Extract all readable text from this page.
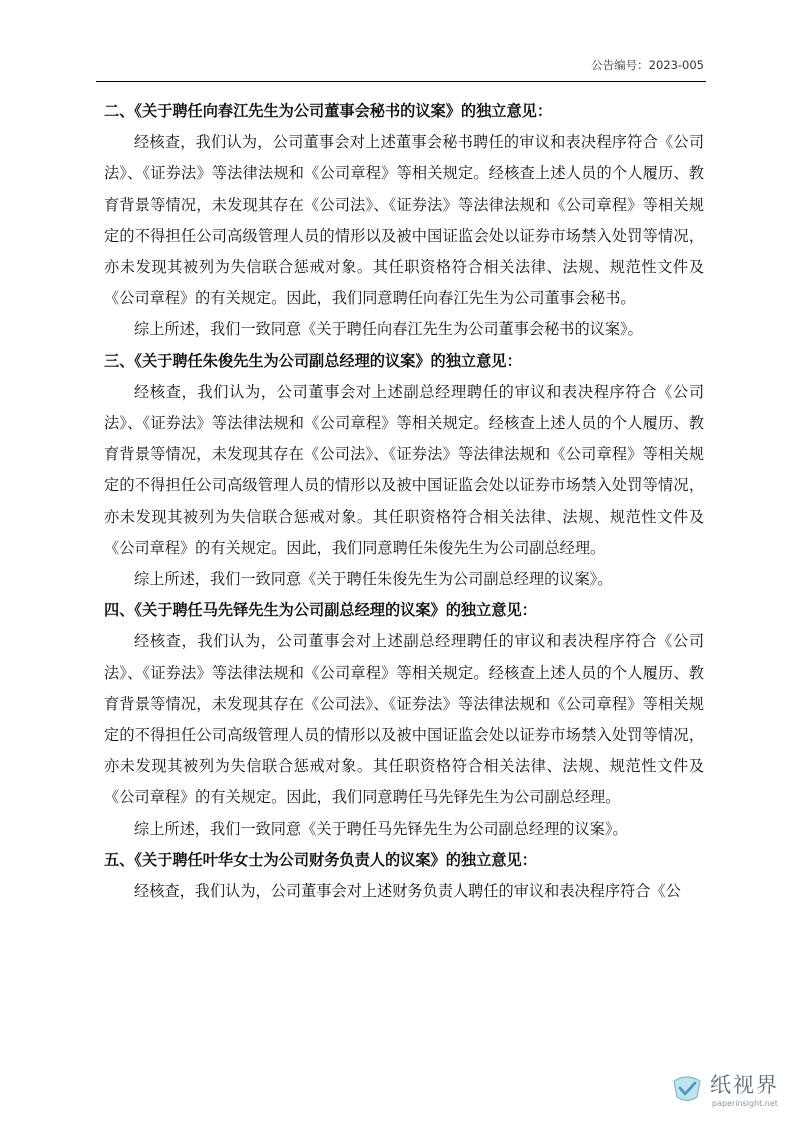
公告编号：2023-005

二、《关于聘任向春江先生为公司董事会秘书的议案》的独立意见：

经核查，我们认为，公司董事会对上述董事会秘书聘任的审议和表决程序符合《公司法》、《证券法》等法律法规和《公司章程》等相关规定。经核查上述人员的个人履历、教育背景等情况，未发现其存在《公司法》、《证券法》等法律法规和《公司章程》等相关规定的不得担任公司高级管理人员的情形以及被中国证监会处以证券市场禁入处罚等情况，亦未发现其被列为失信联合惩戒对象。其任职资格符合相关法律、法规、规范性文件及《公司章程》的有关规定。因此，我们同意聘任向春江先生为公司董事会秘书。

综上所述，我们一致同意《关于聘任向春江先生为公司董事会秘书的议案》。

三、《关于聘任朱俊先生为公司副总经理的议案》的独立意见：

经核查，我们认为，公司董事会对上述副总经理聘任的审议和表决程序符合《公司法》、《证券法》等法律法规和《公司章程》等相关规定。经核查上述人员的个人履历、教育背景等情况，未发现其存在《公司法》、《证券法》等法律法规和《公司章程》等相关规定的不得担任公司高级管理人员的情形以及被中国证监会处以证券市场禁入处罚等情况，亦未发现其被列为失信联合惩戒对象。其任职资格符合相关法律、法规、规范性文件及《公司章程》的有关规定。因此，我们同意聘任朱俊先生为公司副总经理。

综上所述，我们一致同意《关于聘任朱俊先生为公司副总经理的议案》。

四、《关于聘任马先铎先生为公司副总经理的议案》的独立意见：

经核查，我们认为，公司董事会对上述副总经理聘任的审议和表决程序符合《公司法》、《证券法》等法律法规和《公司章程》等相关规定。经核查上述人员的个人履历、教育背景等情况，未发现其存在《公司法》、《证券法》等法律法规和《公司章程》等相关规定的不得担任公司高级管理人员的情形以及被中国证监会处以证券市场禁入处罚等情况，亦未发现其被列为失信联合惩戒对象。其任职资格符合相关法律、法规、规范性文件及《公司章程》的有关规定。因此，我们同意聘任马先铎先生为公司副总经理。

综上所述，我们一致同意《关于聘任马先铎先生为公司副总经理的议案》。

五、《关于聘任叶华女士为公司财务负责人的议案》的独立意见：

经核查，我们认为，公司董事会对上述财务负责人聘任的审议和表决程序符合《公

纸视界
paperinsight.net
